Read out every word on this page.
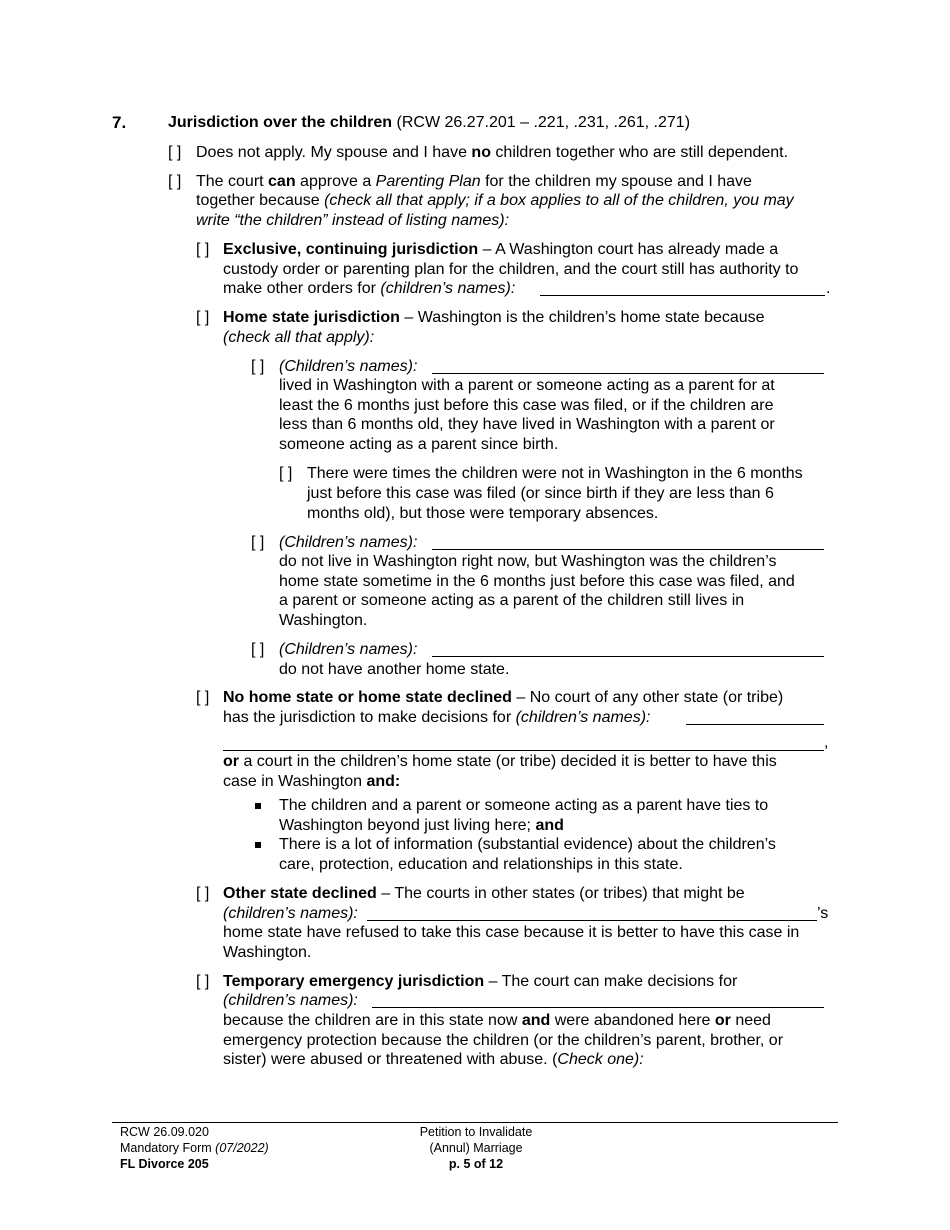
7.	Jurisdiction over the children (RCW 26.27.201 – .221, .231, .261, .271)
[ ] Does not apply. My spouse and I have no children together who are still dependent.
[ ] The court can approve a Parenting Plan for the children my spouse and I have
together because (check all that apply; if a box applies to all of the children, you may
write “the children” instead of listing names):
[ ] Exclusive, continuing jurisdiction – A Washington court has already made a
custody order or parenting plan for the children, and the court still has authority to
make other orders for (children’s names):	.
[ ] Home state jurisdiction – Washington is the children’s home state because
(check all that apply):
[ ] (Children’s names):
lived in Washington with a parent or someone acting as a parent for at
least the 6 months just before this case was filed, or if the children are
less than 6 months old, they have lived in Washington with a parent or
someone acting as a parent since birth.
[ ] There were times the children were not in Washington in the 6 months
just before this case was filed (or since birth if they are less than 6
months old), but those were temporary absences.
[ ] (Children’s names):
do not live in Washington right now, but Washington was the children’s
home state sometime in the 6 months just before this case was filed, and
a parent or someone acting as a parent of the children still lives in
Washington.
[ ] (Children’s names):
do not have another home state.
[ ] No home state or home state declined – No court of any other state (or tribe)
has the jurisdiction to make decisions for (children’s names):
,
or a court in the children’s home state (or tribe) decided it is better to have this
case in Washington and:
The children and a parent or someone acting as a parent have ties to
Washington beyond just living here; and
There is a lot of information (substantial evidence) about the children’s
care, protection, education and relationships in this state.
[ ] Other state declined – The courts in other states (or tribes) that might be
(children’s names):	’s
home state have refused to take this case because it is better to have this case in
Washington.
[ ] Temporary emergency jurisdiction – The court can make decisions for
(children’s names):
because the children are in this state now and were abandoned here or need
emergency protection because the children (or the children’s parent, brother, or
sister) were abused or threatened with abuse. (Check one):
RCW 26.09.020
Mandatory Form (07/2022)
FL Divorce 205
Petition to Invalidate
(Annul) Marriage
p. 5 of 12
